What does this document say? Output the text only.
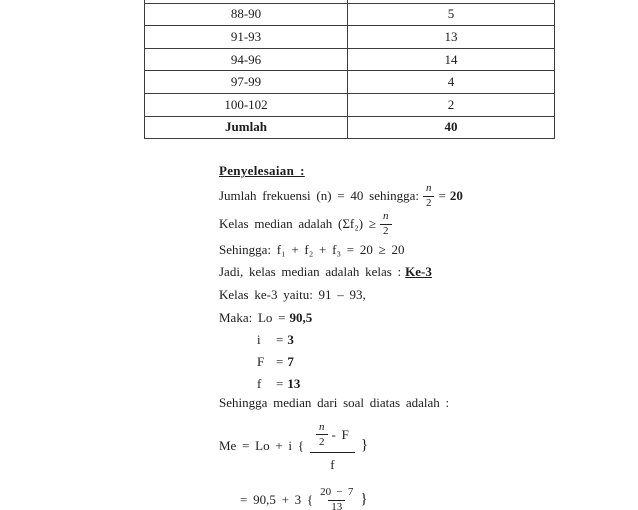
88-90	5
91-93	13
94-96	14
97-99	4
100-102	2
Jumlah	40
Penyelesaian :
Jumlah frekuensi (n) = 40 sehingga: $\frac{n}{2} = 20$
Kelas median adalah $(\Sigma f_2) \ge \frac{n}{2}$
Sehingga: f₁ + f₂ + f₃ = 20 ≥ 20
Jadi, kelas median adalah kelas : Ke-3
Kelas ke-3 yaitu: 91 – 93,
Maka: Lo = 90,5
i	= 3
F = 7
f	= 13
Sehingga median dari soal diatas adalah :
Me = Lo + i { $\frac{\frac{n}{2} - F}{f}$ }
= 90,5 + 3 { $\frac{20 - 7}{13}$ }
